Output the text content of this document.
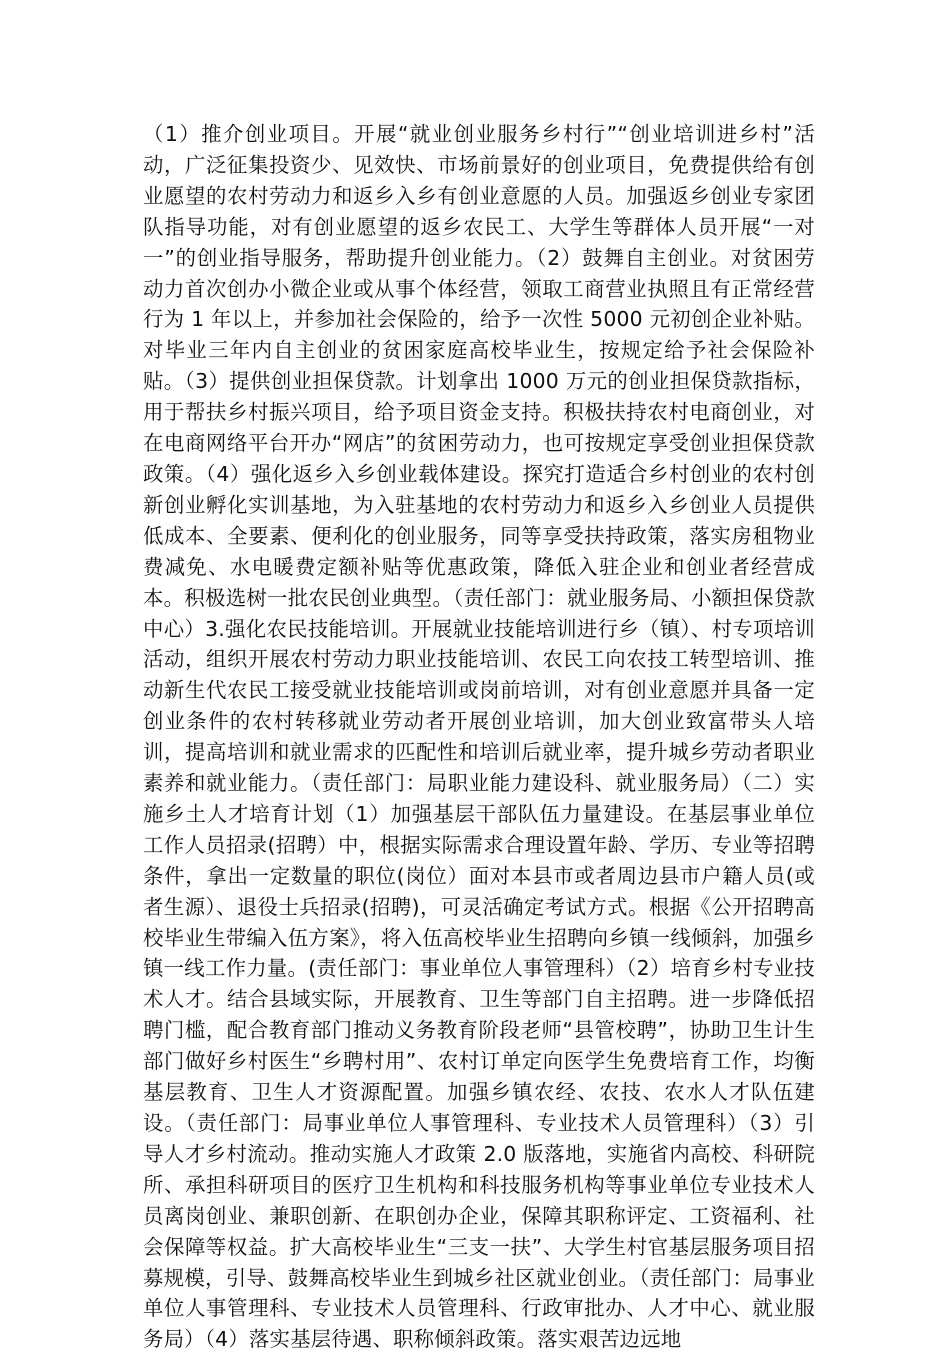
（1）推介创业项目。开展“就业创业服务乡村行”“创业培训进乡村”活动，广泛征集投资少、见效快、市场前景好的创业项目，免费提供给有创业愿望的农村劳动力和返乡入乡有创业意愿的人员。加强返乡创业专家团队指导功能，对有创业愿望的返乡农民工、大学生等群体人员开展“一对一”的创业指导服务，帮助提升创业能力。（2）鼓舞自主创业。对贫困劳动力首次创办小微企业或从事个体经营，领取工商营业执照且有正常经营行为 1 年以上，并参加社会保险的，给予一次性 5000 元初创企业补贴。对毕业三年内自主创业的贫困家庭高校毕业生，按规定给予社会保险补贴。（3）提供创业担保贷款。计划拿出 1000 万元的创业担保贷款指标，用于帮扶乡村振兴项目，给予项目资金支持。积极扶持农村电商创业，对在电商网络平台开办“网店”的贫困劳动力，也可按规定享受创业担保贷款政策。（4）强化返乡入乡创业载体建设。探究打造适合乡村创业的农村创新创业孵化实训基地，为入驻基地的农村劳动力和返乡入乡创业人员提供低成本、全要素、便利化的创业服务，同等享受扶持政策，落实房租物业费减免、水电暖费定额补贴等优惠政策，降低入驻企业和创业者经营成本。积极选树一批农民创业典型。（责任部门：就业服务局、小额担保贷款中心）3.强化农民技能培训。开展就业技能培训进行乡（镇）、村专项培训活动，组织开展农村劳动力职业技能培训、农民工向农技工转型培训、推动新生代农民工接受就业技能培训或岗前培训，对有创业意愿并具备一定创业条件的农村转移就业劳动者开展创业培训，加大创业致富带头人培训，提高培训和就业需求的匹配性和培训后就业率，提升城乡劳动者职业素养和就业能力。（责任部门：局职业能力建设科、就业服务局）（二）实施乡土人才培育计划（1）加强基层干部队伍力量建设。在基层事业单位工作人员招录(招聘）中，根据实际需求合理设置年龄、学历、专业等招聘条件，拿出一定数量的职位(岗位）面对本县市或者周边县市户籍人员(或者生源）、退役士兵招录(招聘)，可灵活确定考试方式。根据《公开招聘高校毕业生带编入伍方案》，将入伍高校毕业生招聘向乡镇一线倾斜，加强乡镇一线工作力量。(责任部门：事业单位人事管理科）（2）培育乡村专业技术人才。结合县域实际，开展教育、卫生等部门自主招聘。进一步降低招聘门槛，配合教育部门推动义务教育阶段老师“县管校聘”，协助卫生计生部门做好乡村医生“乡聘村用”、农村订单定向医学生免费培育工作，均衡基层教育、卫生人才资源配置。加强乡镇农经、农技、农水人才队伍建设。（责任部门：局事业单位人事管理科、专业技术人员管理科）（3）引导人才乡村流动。推动实施人才政策 2.0 版落地，实施省内高校、科研院所、承担科研项目的医疗卫生机构和科技服务机构等事业单位专业技术人员离岗创业、兼职创新、在职创办企业，保障其职称评定、工资福利、社会保障等权益。扩大高校毕业生“三支一扶”、大学生村官基层服务项目招募规模，引导、鼓舞高校毕业生到城乡社区就业创业。（责任部门：局事业单位人事管理科、专业技术人员管理科、行政审批办、人才中心、就业服务局）（4）落实基层待遇、职称倾斜政策。落实艰苦边远地
